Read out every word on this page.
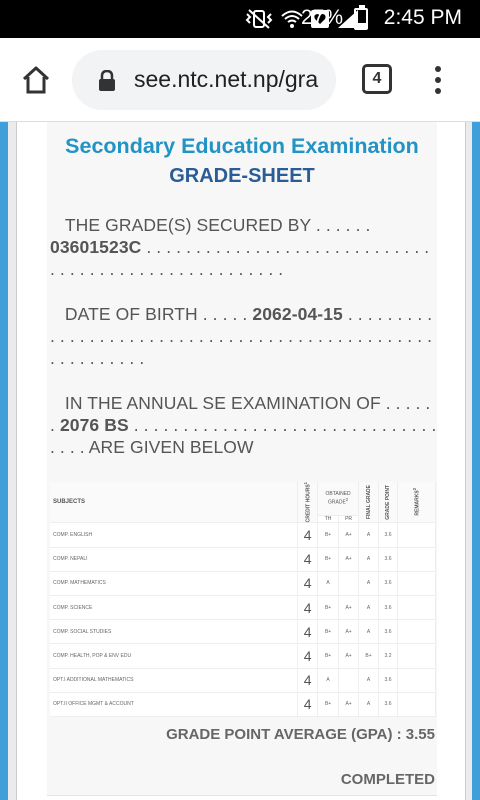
27% 2:45 PM
see.ntc.net.np/gra	4
Secondary Education Examination
GRADE-SHEET
THE GRADE(S) SECURED BY . . . . . . 03601523C . . . . . . . . . . . . . . . . . . . . . . . . . . . . . . . . . . . . . . . . . . . . . . . . . . . . .
DATE OF BIRTH . . . . . 2062-04-15 . . . . . . . . . . . . . . . . . . . . . . . . . . . . . . . . . . . . . . . . . . . . . . . . . . . . . . . . . .
IN THE ANNUAL SE EXAMINATION OF . . . . . . 2076 BS . . . . . . . . . . . . . . . . . . . . . . . . . . . . . . . . . . . ARE GIVEN BELOW
SUBJECTS	CREDIT HOURS$^1$	OBTAINED GRADE$^2$		FINAL GRADE	GRADE POINT	REMARKS$^3$

		TH	PR			
COMP. ENGLISH	4	B+	A+	A	3.6	
COMP. NEPALI	4	B+	A+	A	3.6	
COMP. MATHEMATICS	4	A		A	3.6	
COMP. SCIENCE	4	B+	A+	A	3.6	
COMP. SOCIAL STUDIES	4	B+	A+	A	3.6	
COMP. HEALTH, POP & ENV EDU	4	B+	A+	B+	3.2	
OPT.I ADDITIONAL MATHEMATICS	4	A		A	3.6	
OPT.II OFFICE MGMT & ACCOUNT	4	B+	A+	A	3.6	
GRADE POINT AVERAGE (GPA) : 3.55
COMPLETED
